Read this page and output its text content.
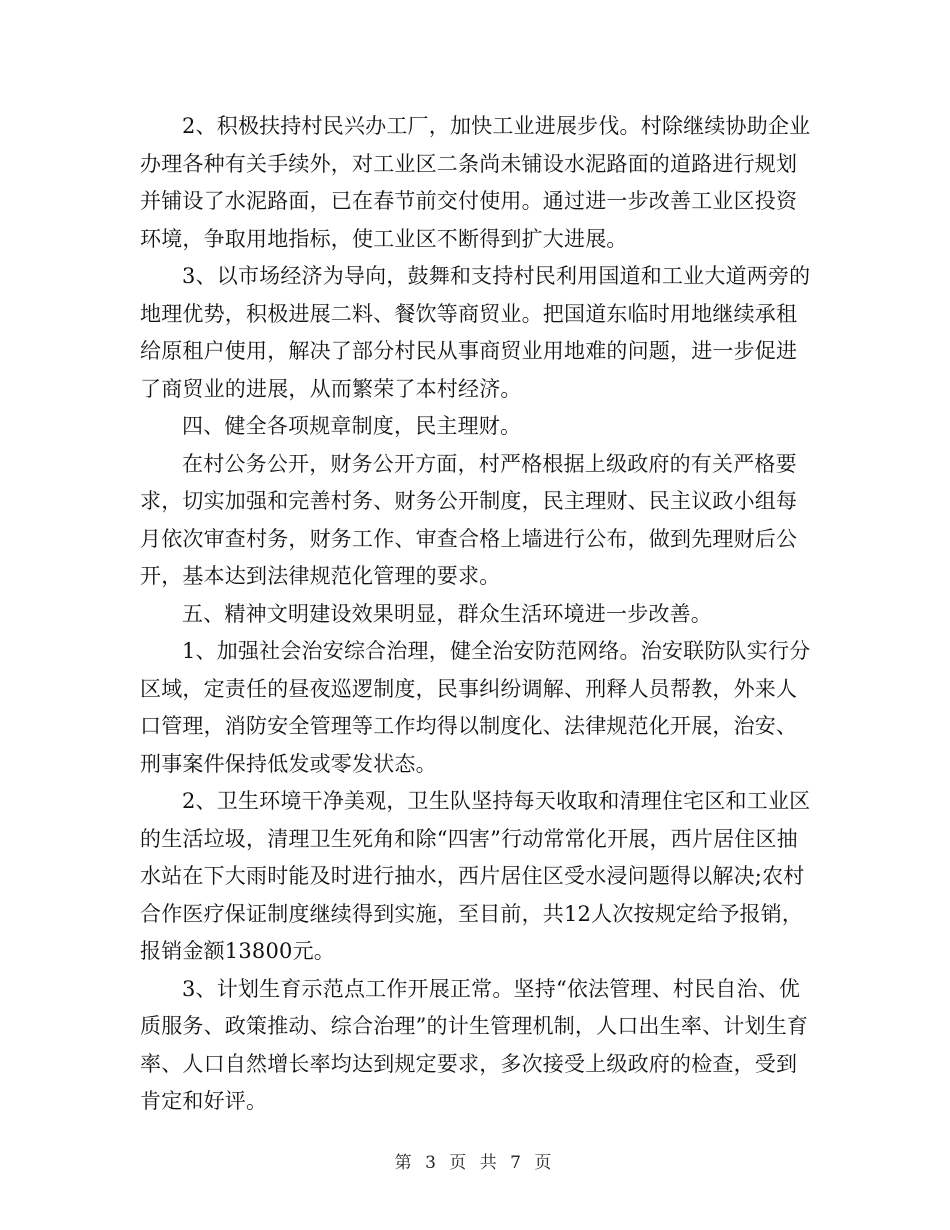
2、积极扶持村民兴办工厂，加快工业进展步伐。村除继续协助企业办理各种有关手续外，对工业区二条尚未铺设水泥路面的道路进行规划并铺设了水泥路面，已在春节前交付使用。通过进一步改善工业区投资环境，争取用地指标，使工业区不断得到扩大进展。

3、以市场经济为导向，鼓舞和支持村民利用国道和工业大道两旁的地理优势，积极进展二料、餐饮等商贸业。把国道东临时用地继续承租给原租户使用，解决了部分村民从事商贸业用地难的问题，进一步促进了商贸业的进展，从而繁荣了本村经济。

四、健全各项规章制度，民主理财。

在村公务公开，财务公开方面，村严格根据上级政府的有关严格要求，切实加强和完善村务、财务公开制度，民主理财、民主议政小组每月依次审查村务，财务工作、审查合格上墙进行公布，做到先理财后公开，基本达到法律规范化管理的要求。

五、精神文明建设效果明显，群众生活环境进一步改善。

1、加强社会治安综合治理，健全治安防范网络。治安联防队实行分区域，定责任的昼夜巡逻制度，民事纠纷调解、刑释人员帮教，外来人口管理，消防安全管理等工作均得以制度化、法律规范化开展，治安、刑事案件保持低发或零发状态。

2、卫生环境干净美观，卫生队坚持每天收取和清理住宅区和工业区的生活垃圾，清理卫生死角和除“四害”行动常常化开展，西片居住区抽水站在下大雨时能及时进行抽水，西片居住区受水浸问题得以解决;农村合作医疗保证制度继续得到实施，至目前，共12人次按规定给予报销，报销金额13800元。

3、计划生育示范点工作开展正常。坚持“依法管理、村民自治、优质服务、政策推动、综合治理”的计生管理机制，人口出生率、计划生育率、人口自然增长率均达到规定要求，多次接受上级政府的检查，受到肯定和好评。

第 3 页 共 7 页
